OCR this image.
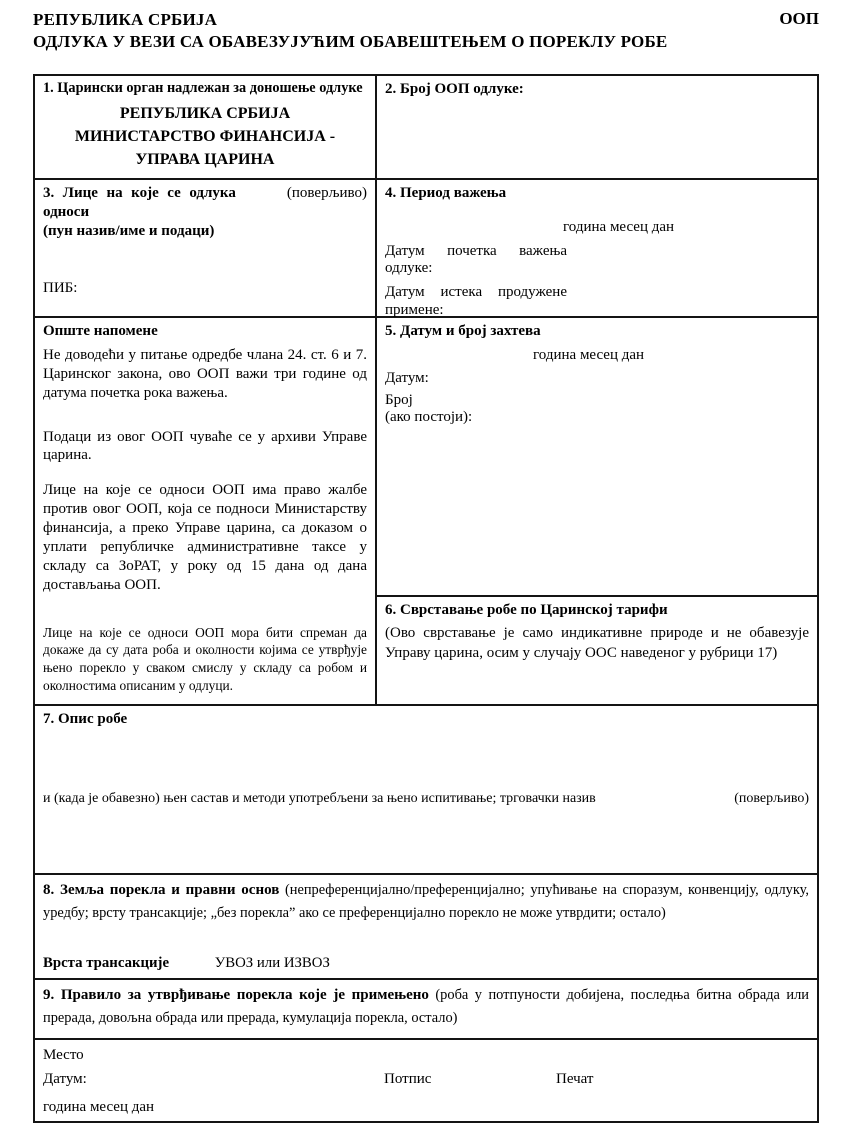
РЕПУБЛИКА СРБИЈА
ОДЛУКА У ВЕЗИ СА ОБАВЕЗУЈУЋИМ ОБАВЕШТЕЊЕМ О ПОРЕКЛУ РОБЕ
ООП
1. Царински орган надлежан за доношење одлуке
РЕПУБЛИКА СРБИЈА
МИНИСТАРСТВО ФИНАНСИЈА - УПРАВА ЦАРИНА
2. Број ООП одлуке:
3. Лице на које се одлука односи
(поверљиво)
(пун назив/име и подаци)
ПИБ:
4. Период важења
година месец дан
Датум почетка важења одлуке:
Датум истека продужене примене:
Опште напомене

Не доводећи у питање одредбе члана 24. ст. 6 и 7. Царинског закона, ово ООП важи три године од датума почетка рока важења.

Подаци из овог ООП чуваће се у архиви Управе царина.

Лице на које се односи ООП има право жалбе против овог ООП, која се подноси Министарству финансија, а преко Управе царина, са доказом о уплати републичке административне таксе у складу са ЗоРАТ, у року од 15 дана од дана достављања ООП.

Лице на које се односи ООП мора бити спреман да докаже да су дата роба и околности којима се утврђује њено порекло у сваком смислу у складу са робом и околностима описаним у одлуци.

5. Датум и број захтева
година месец дан
Датум:
Број
(ако постоји):
6. Сврставање робе по Царинској тарифи
(Ово сврставање је само индикативне природе и не обавезује Управу царина, осим у случају ООС наведеног у рубрици 17)
7. Опис робе
и (када је обавезно) њен састав и методи употребљени за њено испитивање; трговачки назив	(поверљиво)
8. Земља порекла и правни основ (непреференцијално/преференцијално; упућивање на споразум, конвенцију, одлуку, уредбу; врсту трансакције; „без порекла” ако се преференцијално порекло не може утврдити; остало)
Врста трансакције	УВОЗ или ИЗВОЗ
9. Правило за утврђивање порекла које је примењено (роба у потпуности добијена, последња битна обрада или прерада, довољна обрада или прерада, кумулација порекла, остало)
Место
Датум:	Потпис	Печат
година месец дан
